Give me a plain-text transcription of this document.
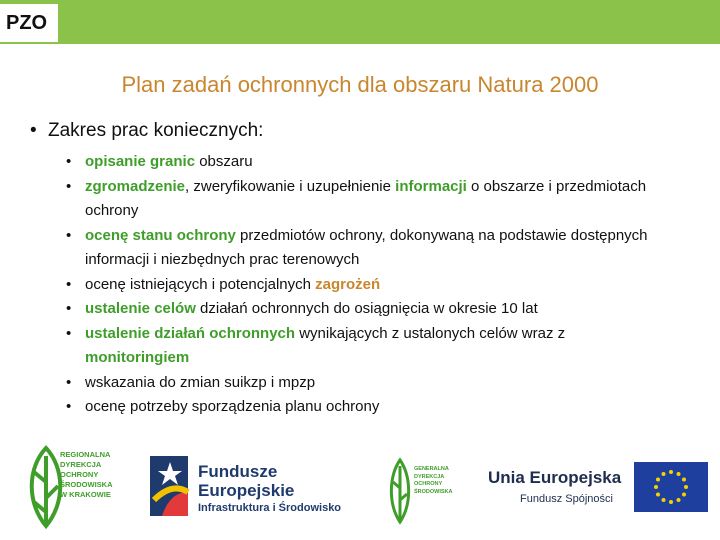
PZO
Plan zadań ochronnych dla obszaru Natura 2000
• Zakres prac koniecznych:
• opisanie granic obszaru
• zgromadzenie, zweryfikowanie i uzupełnienie informacji o obszarze i przedmiotach ochrony
• ocenę stanu ochrony przedmiotów ochrony, dokonywaną na podstawie dostępnych informacji i niezbędnych prac terenowych
• ocenę istniejących i potencjalnych zagrożeń
• ustalenie celów działań ochronnych do osiągnięcia w okresie 10 lat
• ustalenie działań ochronnych wynikających z ustalonych celów wraz z monitoringiem
• wskazania do zmian suikzp i mpzp
• ocenę potrzeby sporządzenia planu ochrony
REGIONALNA
DYREKCJA
OCHRONY
ŚRODOWISKA
W KRAKOWIE
Fundusze
Europejskie
Infrastruktura i Środowisko
GENERALNA
DYREKCJA
OCHRONY
ŚRODOWISKA
Unia Europejska
Fundusz Spójności
